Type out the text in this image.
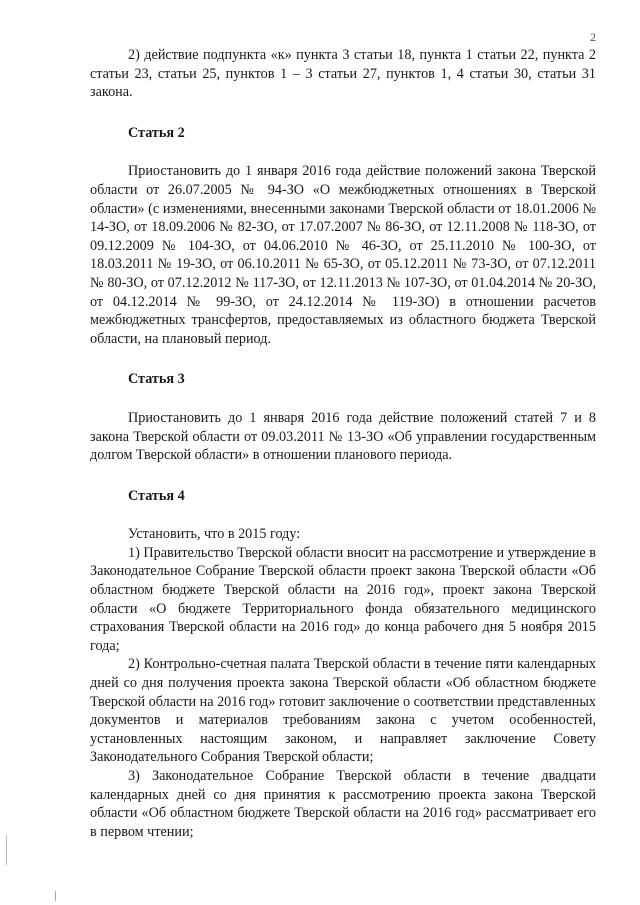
2

2) действие подпункта «к» пункта 3 статьи 18, пункта 1 статьи 22, пункта 2 статьи 23, статьи 25, пунктов 1 – 3 статьи 27, пунктов 1, 4 статьи 30, статьи 31 закона.

Статья 2

Приостановить до 1 января 2016 года действие положений закона Тверской области от 26.07.2005 № 94-ЗО «О межбюджетных отношениях в Тверской области» (с изменениями, внесенными законами Тверской области от 18.01.2006 № 14-ЗО, от 18.09.2006 № 82-ЗО, от 17.07.2007 № 86-ЗО, от 12.11.2008 № 118-ЗО, от 09.12.2009 № 104-ЗО, от 04.06.2010 № 46-ЗО, от 25.11.2010 № 100-ЗО, от 18.03.2011 № 19-ЗО, от 06.10.2011 № 65-ЗО, от 05.12.2011 № 73-ЗО, от 07.12.2011 № 80-ЗО, от 07.12.2012 № 117-ЗО, от 12.11.2013 № 107-ЗО, от 01.04.2014 № 20-ЗО, от 04.12.2014 № 99-ЗО, от 24.12.2014 № 119-ЗО) в отношении расчетов межбюджетных трансфертов, предоставляемых из областного бюджета Тверской области, на плановый период.

Статья 3

Приостановить до 1 января 2016 года действие положений статей 7 и 8 закона Тверской области от 09.03.2011 № 13-ЗО «Об управлении государственным долгом Тверской области» в отношении планового периода.

Статья 4

Установить, что в 2015 году:

1) Правительство Тверской области вносит на рассмотрение и утверждение в Законодательное Собрание Тверской области проект закона Тверской области «Об областном бюджете Тверской области на 2016 год», проект закона Тверской области «О бюджете Территориального фонда обязательного медицинского страхования Тверской области на 2016 год» до конца рабочего дня 5 ноября 2015 года;

2) Контрольно-счетная палата Тверской области в течение пяти календарных дней со дня получения проекта закона Тверской области «Об областном бюджете Тверской области на 2016 год» готовит заключение о соответствии представленных документов и материалов требованиям закона с учетом особенностей, установленных настоящим законом, и направляет заключение Совету Законодательного Собрания Тверской области;

3) Законодательное Собрание Тверской области в течение двадцати календарных дней со дня принятия к рассмотрению проекта закона Тверской области «Об областном бюджете Тверской области на 2016 год» рассматривает его в первом чтении;
